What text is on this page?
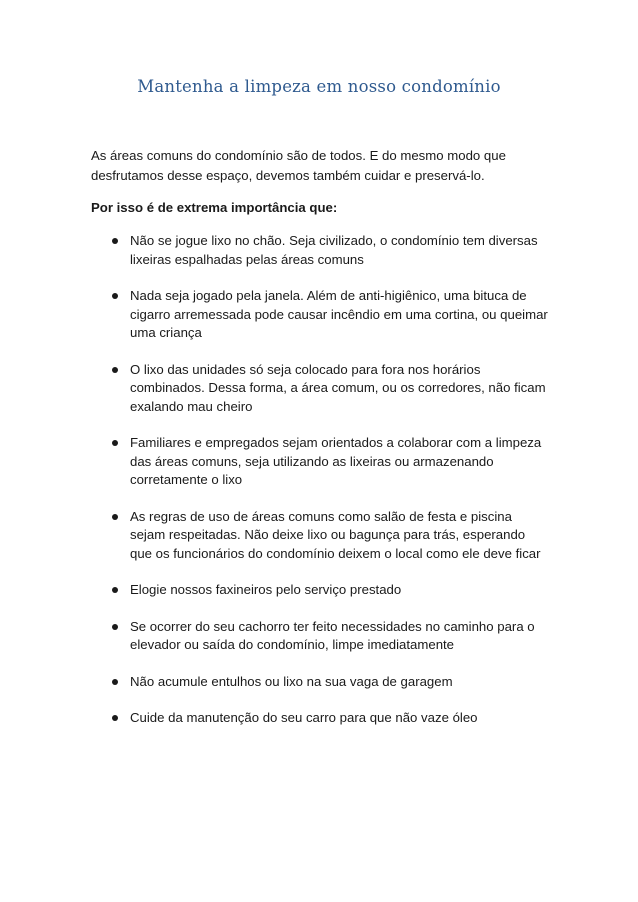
Mantenha a limpeza em nosso condomínio
As áreas comuns do condomínio são de todos. E do mesmo modo que
desfrutamos desse espaço, devemos também cuidar e preservá-lo.
Por isso é de extrema importância que:
Não se jogue lixo no chão. Seja civilizado, o condomínio tem diversas lixeiras espalhadas pelas áreas comuns
Nada seja jogado pela janela. Além de anti-higiênico, uma bituca de cigarro arremessada pode causar incêndio em uma cortina, ou queimar uma criança
O lixo das unidades só seja colocado para fora nos horários combinados. Dessa forma, a área comum, ou os corredores, não ficam exalando mau cheiro
Familiares e empregados sejam orientados a colaborar com a limpeza das áreas comuns, seja utilizando as lixeiras ou armazenando corretamente o lixo
As regras de uso de áreas comuns como salão de festa e piscina sejam respeitadas. Não deixe lixo ou bagunça para trás, esperando que os funcionários do condomínio deixem o local como ele deve ficar
Elogie nossos faxineiros pelo serviço prestado
Se ocorrer do seu cachorro ter feito necessidades no caminho para o elevador ou saída do condomínio, limpe imediatamente
Não acumule entulhos ou lixo na sua vaga de garagem
Cuide da manutenção do seu carro para que não vaze óleo
